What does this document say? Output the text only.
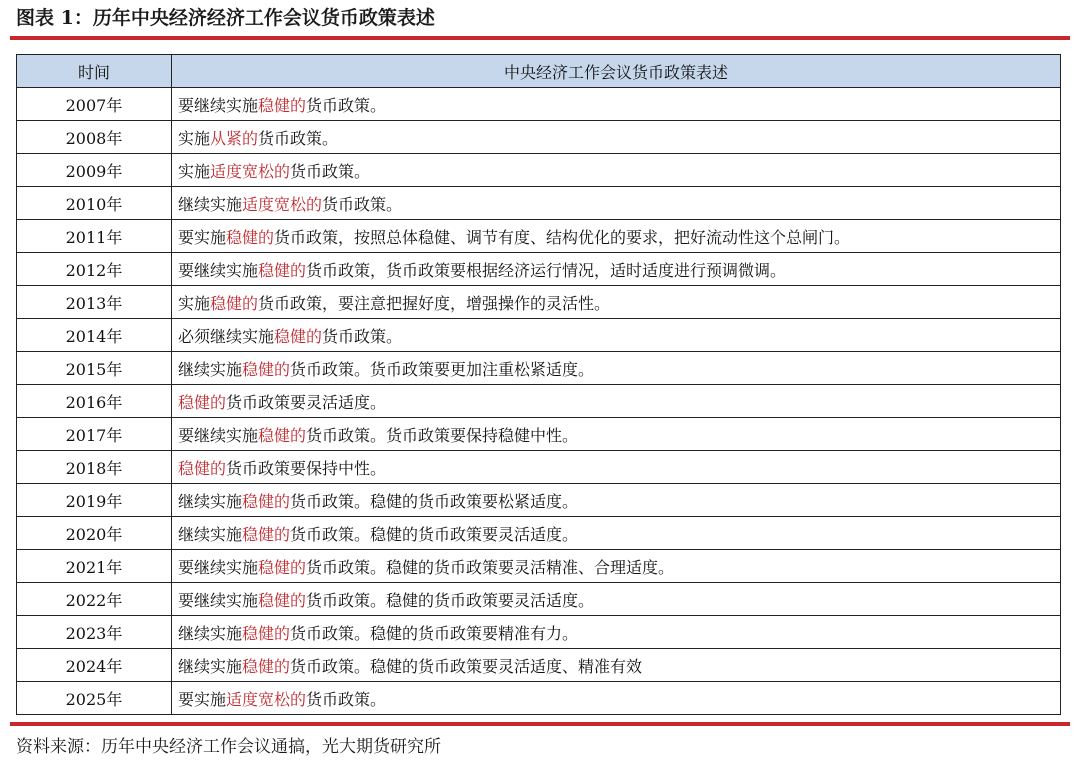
图表 1：历年中央经济经济工作会议货币政策表述
时间	中央经济工作会议货币政策表述
2007年	要继续实施稳健的货币政策。
2008年	实施从紧的货币政策。
2009年	实施适度宽松的货币政策。
2010年	继续实施适度宽松的货币政策。
2011年	要实施稳健的货币政策，按照总体稳健、调节有度、结构优化的要求，把好流动性这个总闸门。
2012年	要继续实施稳健的货币政策，货币政策要根据经济运行情况，适时适度进行预调微调。
2013年	实施稳健的货币政策，要注意把握好度，增强操作的灵活性。
2014年	必须继续实施稳健的货币政策。
2015年	继续实施稳健的货币政策。货币政策要更加注重松紧适度。
2016年	稳健的货币政策要灵活适度。
2017年	要继续实施稳健的货币政策。货币政策要保持稳健中性。
2018年	稳健的货币政策要保持中性。
2019年	继续实施稳健的货币政策。稳健的货币政策要松紧适度。
2020年	继续实施稳健的货币政策。稳健的货币政策要灵活适度。
2021年	要继续实施稳健的货币政策。稳健的货币政策要灵活精准、合理适度。
2022年	要继续实施稳健的货币政策。稳健的货币政策要灵活适度。
2023年	继续实施稳健的货币政策。稳健的货币政策要精准有力。
2024年	继续实施稳健的货币政策。稳健的货币政策要灵活适度、精准有效
2025年	要实施适度宽松的货币政策。
资料来源：历年中央经济工作会议通搞，光大期货研究所
